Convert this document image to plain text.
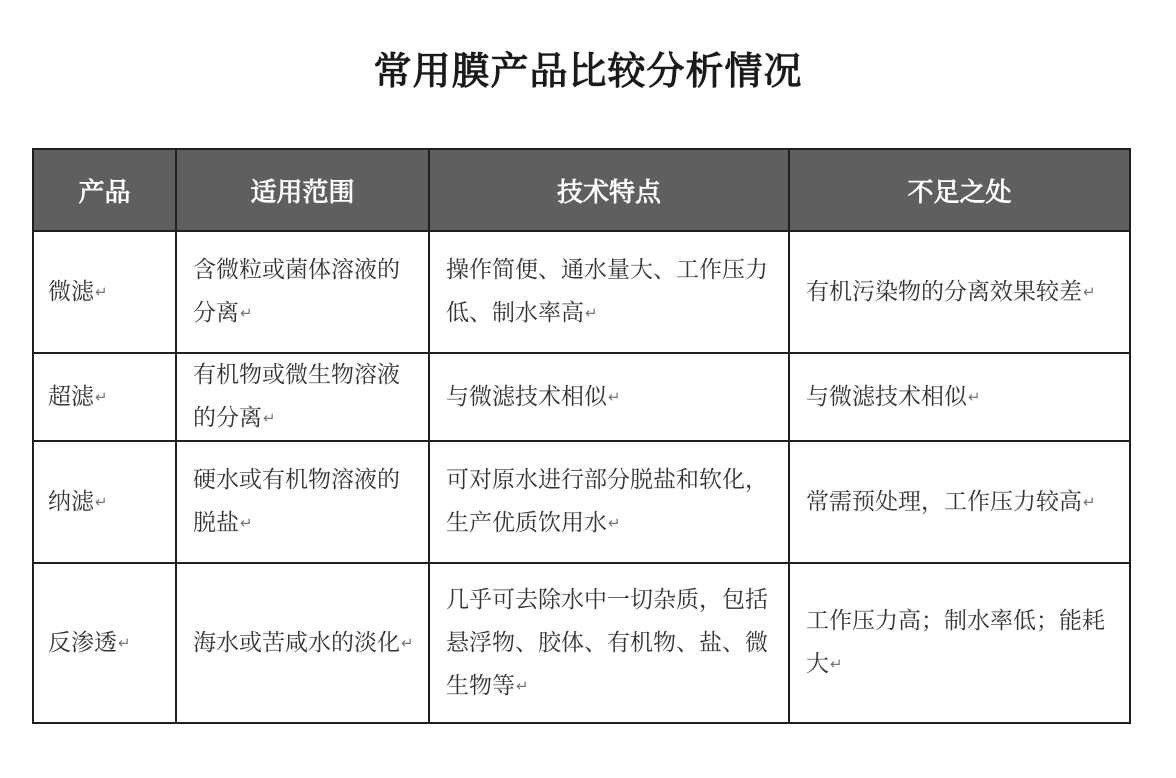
常用膜产品比较分析情况
产品	适用范围	技术特点	不足之处
微滤↵	含微粒或菌体溶液的分离↵	操作简便、通水量大、工作压力低、制水率高↵	有机污染物的分离效果较差↵
超滤↵	有机物或微生物溶液的分离↵	与微滤技术相似↵	与微滤技术相似↵
纳滤↵	硬水或有机物溶液的脱盐↵	可对原水进行部分脱盐和软化，生产优质饮用水↵	常需预处理，工作压力较高↵
反渗透↵	海水或苦咸水的淡化↵	几乎可去除水中一切杂质，包括悬浮物、胶体、有机物、盐、微生物等↵	工作压力高；制水率低；能耗大↵
